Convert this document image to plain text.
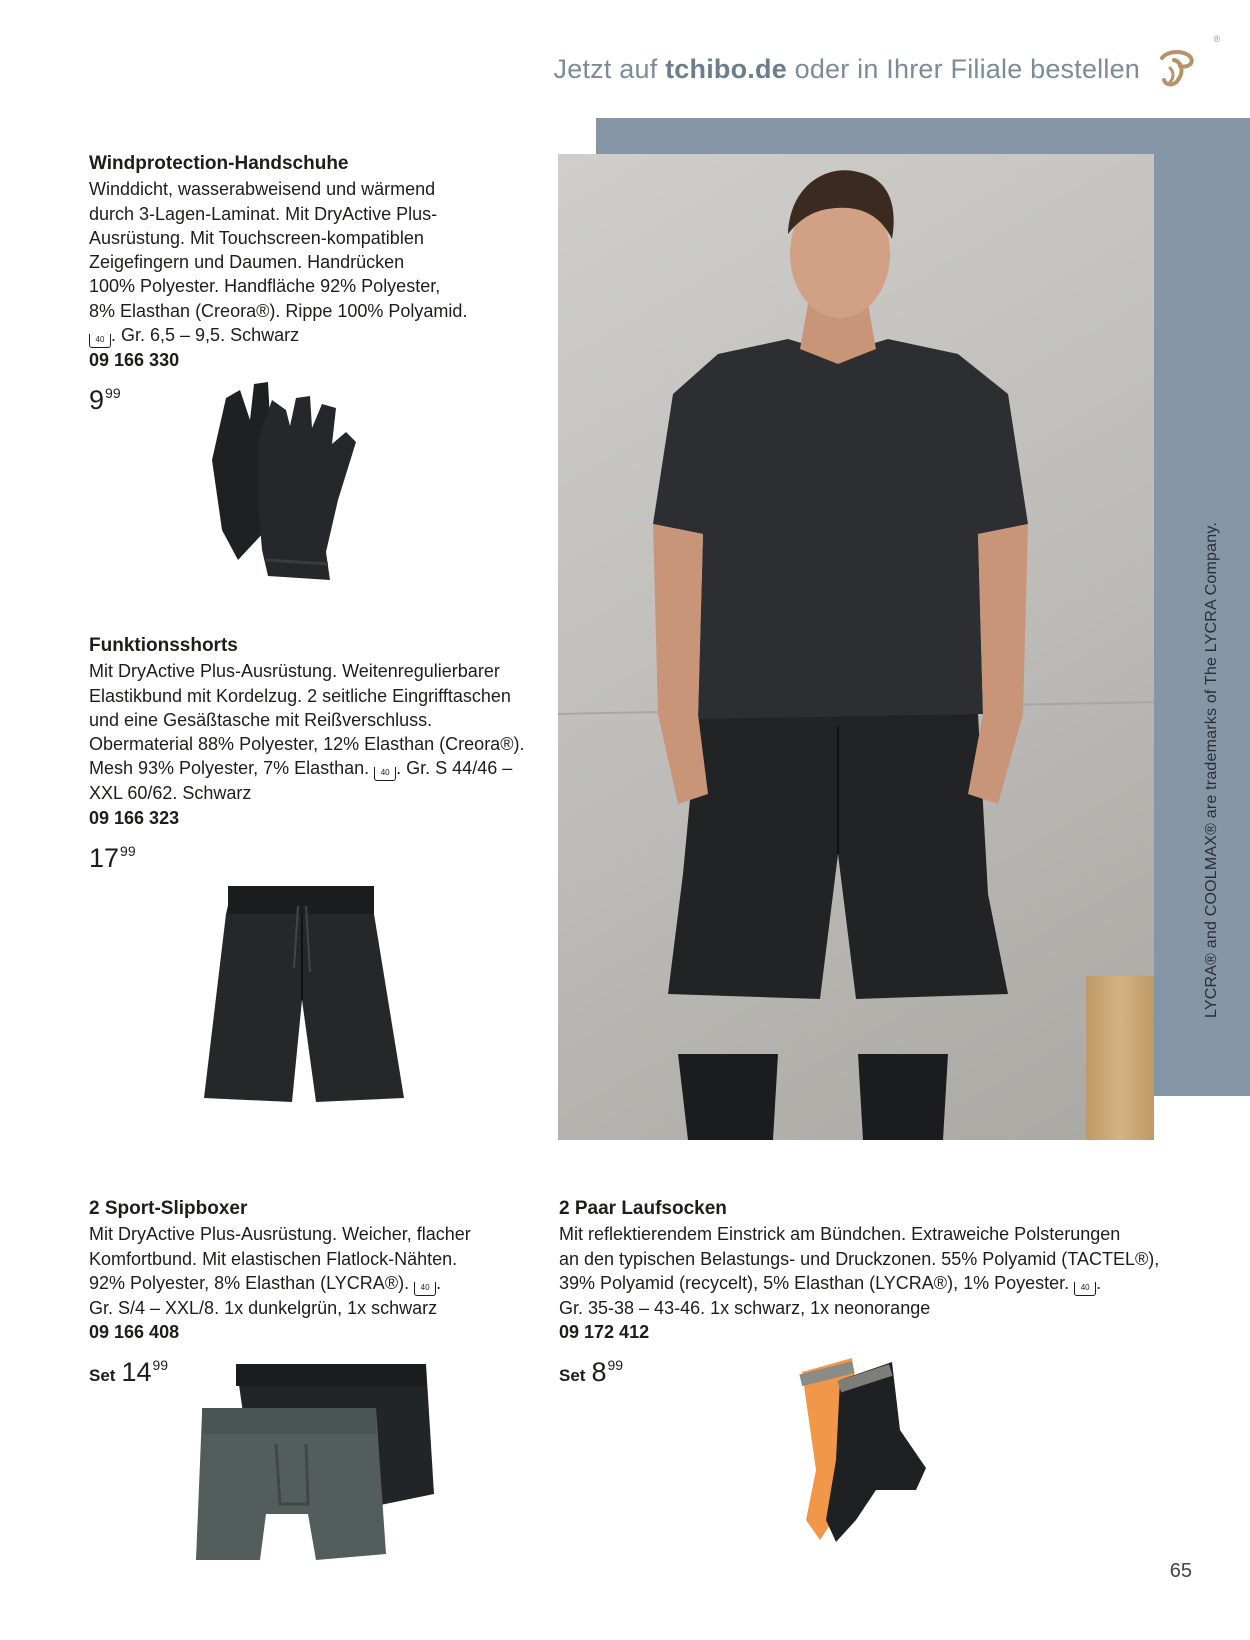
Jetzt auf tchibo.de oder in Ihrer Filiale bestellen
®
LYCRA® and COOLMAX® are trademarks of The LYCRA Company.
Windprotection-Handschuhe
Winddicht, wasserabweisend und wärmend
durch 3-Lagen-Laminat. Mit DryActive Plus-
Ausrüstung. Mit Touchscreen-kompatiblen
Zeigefingern und Daumen. Handrücken
100% Polyester. Handfläche 92% Polyester,
8% Elasthan (Creora®). Rippe 100% Polyamid.
40 . Gr. 6,5 – 9,5. Schwarz
09 166 330
$9^{99}$
Funktionsshorts
Mit DryActive Plus-Ausrüstung. Weitenregulierbarer
Elastikbund mit Kordelzug. 2 seitliche Eingrifftaschen
und eine Gesäßtasche mit Reißverschluss.
Obermaterial 88% Polyester, 12% Elasthan (Creora®).
Mesh 93% Polyester, 7% Elasthan. 40 . Gr. S 44/46 –
XXL 60/62. Schwarz
09 166 323
$17^{99}$
2 Sport-Slipboxer
Mit DryActive Plus-Ausrüstung. Weicher, flacher
Komfortbund. Mit elastischen Flatlock-Nähten.
92% Polyester, 8% Elasthan (LYCRA®). 40 .
Gr. S/4 – XXL/8. 1x dunkelgrün, 1x schwarz
09 166 408
Set $14^{99}$
2 Paar Laufsocken
Mit reflektierendem Einstrick am Bündchen. Extraweiche Polsterungen
an den typischen Belastungs- und Druckzonen. 55% Polyamid (TACTEL®),
39% Polyamid (recycelt), 5% Elasthan (LYCRA®), 1% Poyester. 40 .
Gr. 35-38 – 43-46. 1x schwarz, 1x neonorange
09 172 412
Set $8^{99}$
65
